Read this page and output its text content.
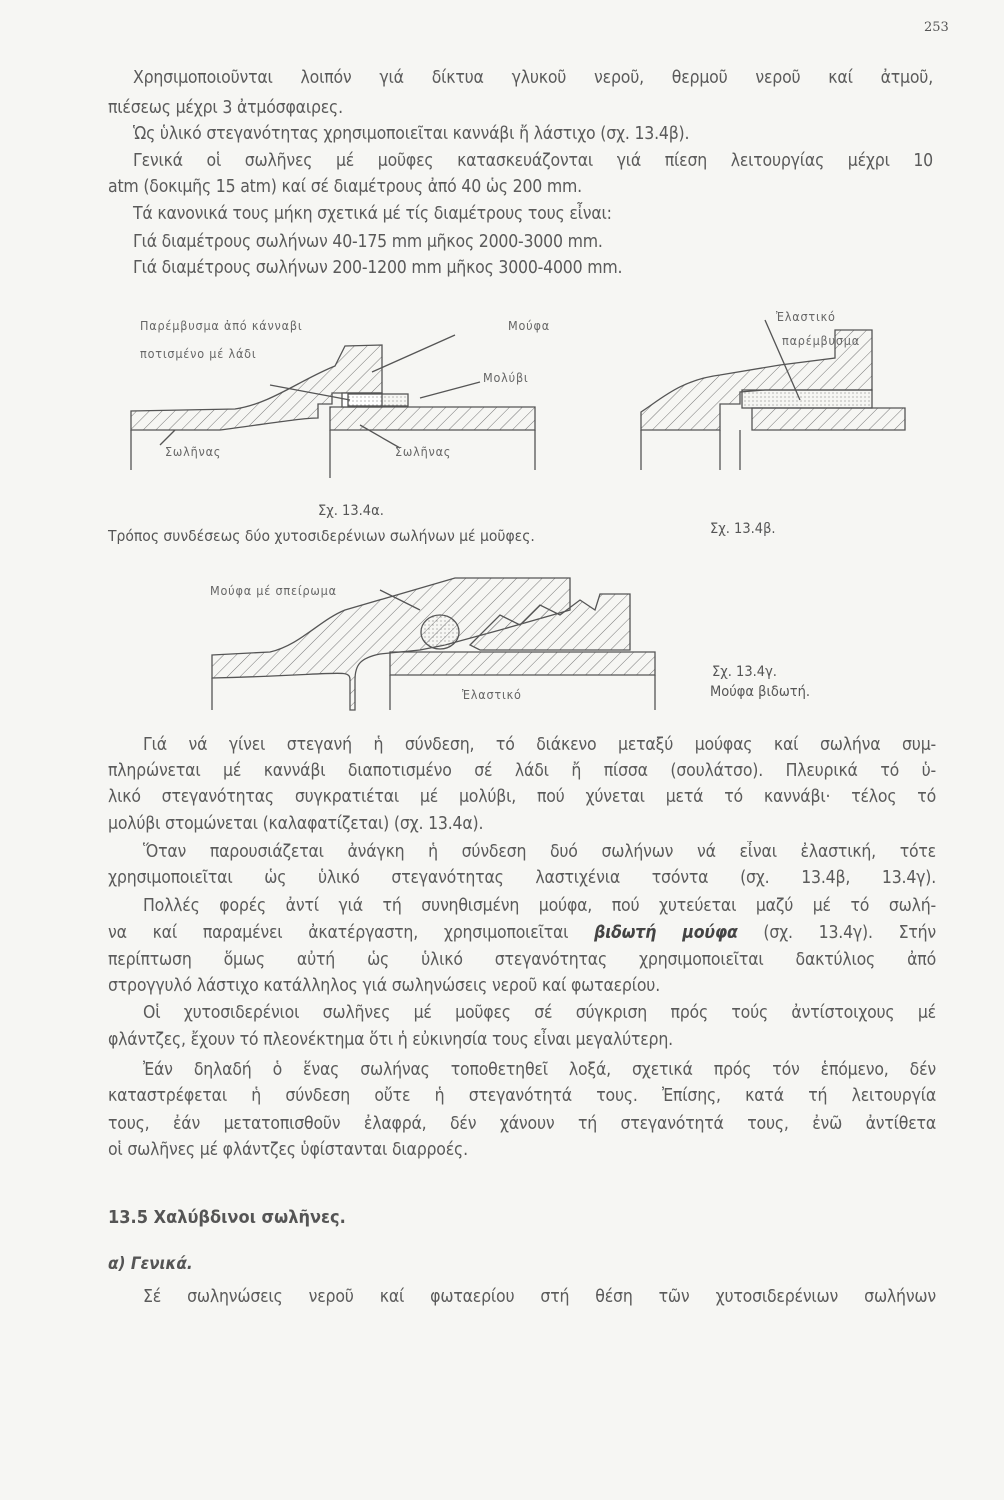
253
Χρησιμοποιοῦνται λοιπόν γιά δίκτυα γλυκοῦ νεροῦ, θερμοῦ νεροῦ καί ἀτμοῦ,
πιέσεως μέχρι 3 ἀτμόσφαιρες.
Ὡς ὑλικό στεγανότητας χρησιμοποιεῖται καννάβι ἤ λάστιχο (σχ. 13.4β).
Γενικά οἱ σωλῆνες μέ μοῦφες κατασκευάζονται γιά πίεση λειτουργίας μέχρι 10
atm (δοκιμῆς 15 atm) καί σέ διαμέτρους ἀπό 40 ὡς 200 mm.
Τά κανονικά τους μήκη σχετικά μέ τίς διαμέτρους τους εἶναι:
Γιά διαμέτρους σωλήνων 40-175 mm μῆκος 2000-3000 mm.
Γιά διαμέτρους σωλήνων 200-1200 mm μῆκος 3000-4000 mm.
Παρέμβυσμα ἀπό κάνναβι
ποτισμένο μέ λάδι
Μούφα
Μολύβι
Σωλῆνας	Σωλῆνας
Ἐλαστικό
παρέμβυσμα
Σχ. 13.4α.
Τρόπος συνδέσεως δύο χυτοσιδερένιων σωλήνων μέ μοῦφες.	Σχ. 13.4β.
Μούφα μέ σπείρωμα
Ἐλαστικό
Σχ. 13.4γ.
Μούφα βιδωτή.
Γιά νά γίνει στεγανή ἡ σύνδεση, τό διάκενο μεταξύ μούφας καί σωλήνα συμ-
πληρώνεται μέ καννάβι διαποτισμένο σέ λάδι ἤ πίσσα (σουλάτσο). Πλευρικά τό ὑ-
λικό στεγανότητας συγκρατιέται μέ μολύβι, πού χύνεται μετά τό καννάβι· τέλος τό
μολύβι στομώνεται (καλαφατίζεται) (σχ. 13.4α).
Ὅταν παρουσιάζεται ἀνάγκη ἡ σύνδεση δυό σωλήνων νά εἶναι ἐλαστική, τότε
χρησιμοποιεῖται ὡς ὑλικό στεγανότητας λαστιχένια τσόντα (σχ. 13.4β, 13.4γ).
Πολλές φορές ἀντί γιά τή συνηθισμένη μούφα, πού χυτεύεται μαζύ μέ τό σωλή-
να καί παραμένει ἀκατέργαστη, χρησιμοποιεῖται βιδωτή μούφα (σχ. 13.4γ). Στήν
περίπτωση ὅμως αὐτή ὡς ὑλικό στεγανότητας χρησιμοποιεῖται δακτύλιος ἀπό
στρογγυλό λάστιχο κατάλληλος γιά σωληνώσεις νεροῦ καί φωταερίου.
Οἱ χυτοσιδερένιοι σωλῆνες μέ μοῦφες σέ σύγκριση πρός τούς ἀντίστοιχους μέ
φλάντζες, ἔχουν τό πλεονέκτημα ὅτι ἡ εὐκινησία τους εἶναι μεγαλύτερη.
Ἐάν δηλαδή ὁ ἕνας σωλήνας τοποθετηθεῖ λοξά, σχετικά πρός τόν ἑπόμενο, δέν
καταστρέφεται ἡ σύνδεση οὔτε ἡ στεγανότητά τους. Ἐπίσης, κατά τή λειτουργία
τους, ἐάν μετατοπισθοῦν ἐλαφρά, δέν χάνουν τή στεγανότητά τους, ἐνῶ ἀντίθετα
οἱ σωλῆνες μέ φλάντζες ὑφίστανται διαρροές.
13.5 Χαλύβδινοι σωλῆνες.
α) Γενικά.
Σέ σωληνώσεις νεροῦ καί φωταερίου στή θέση τῶν χυτοσιδερένιων σωλήνων
